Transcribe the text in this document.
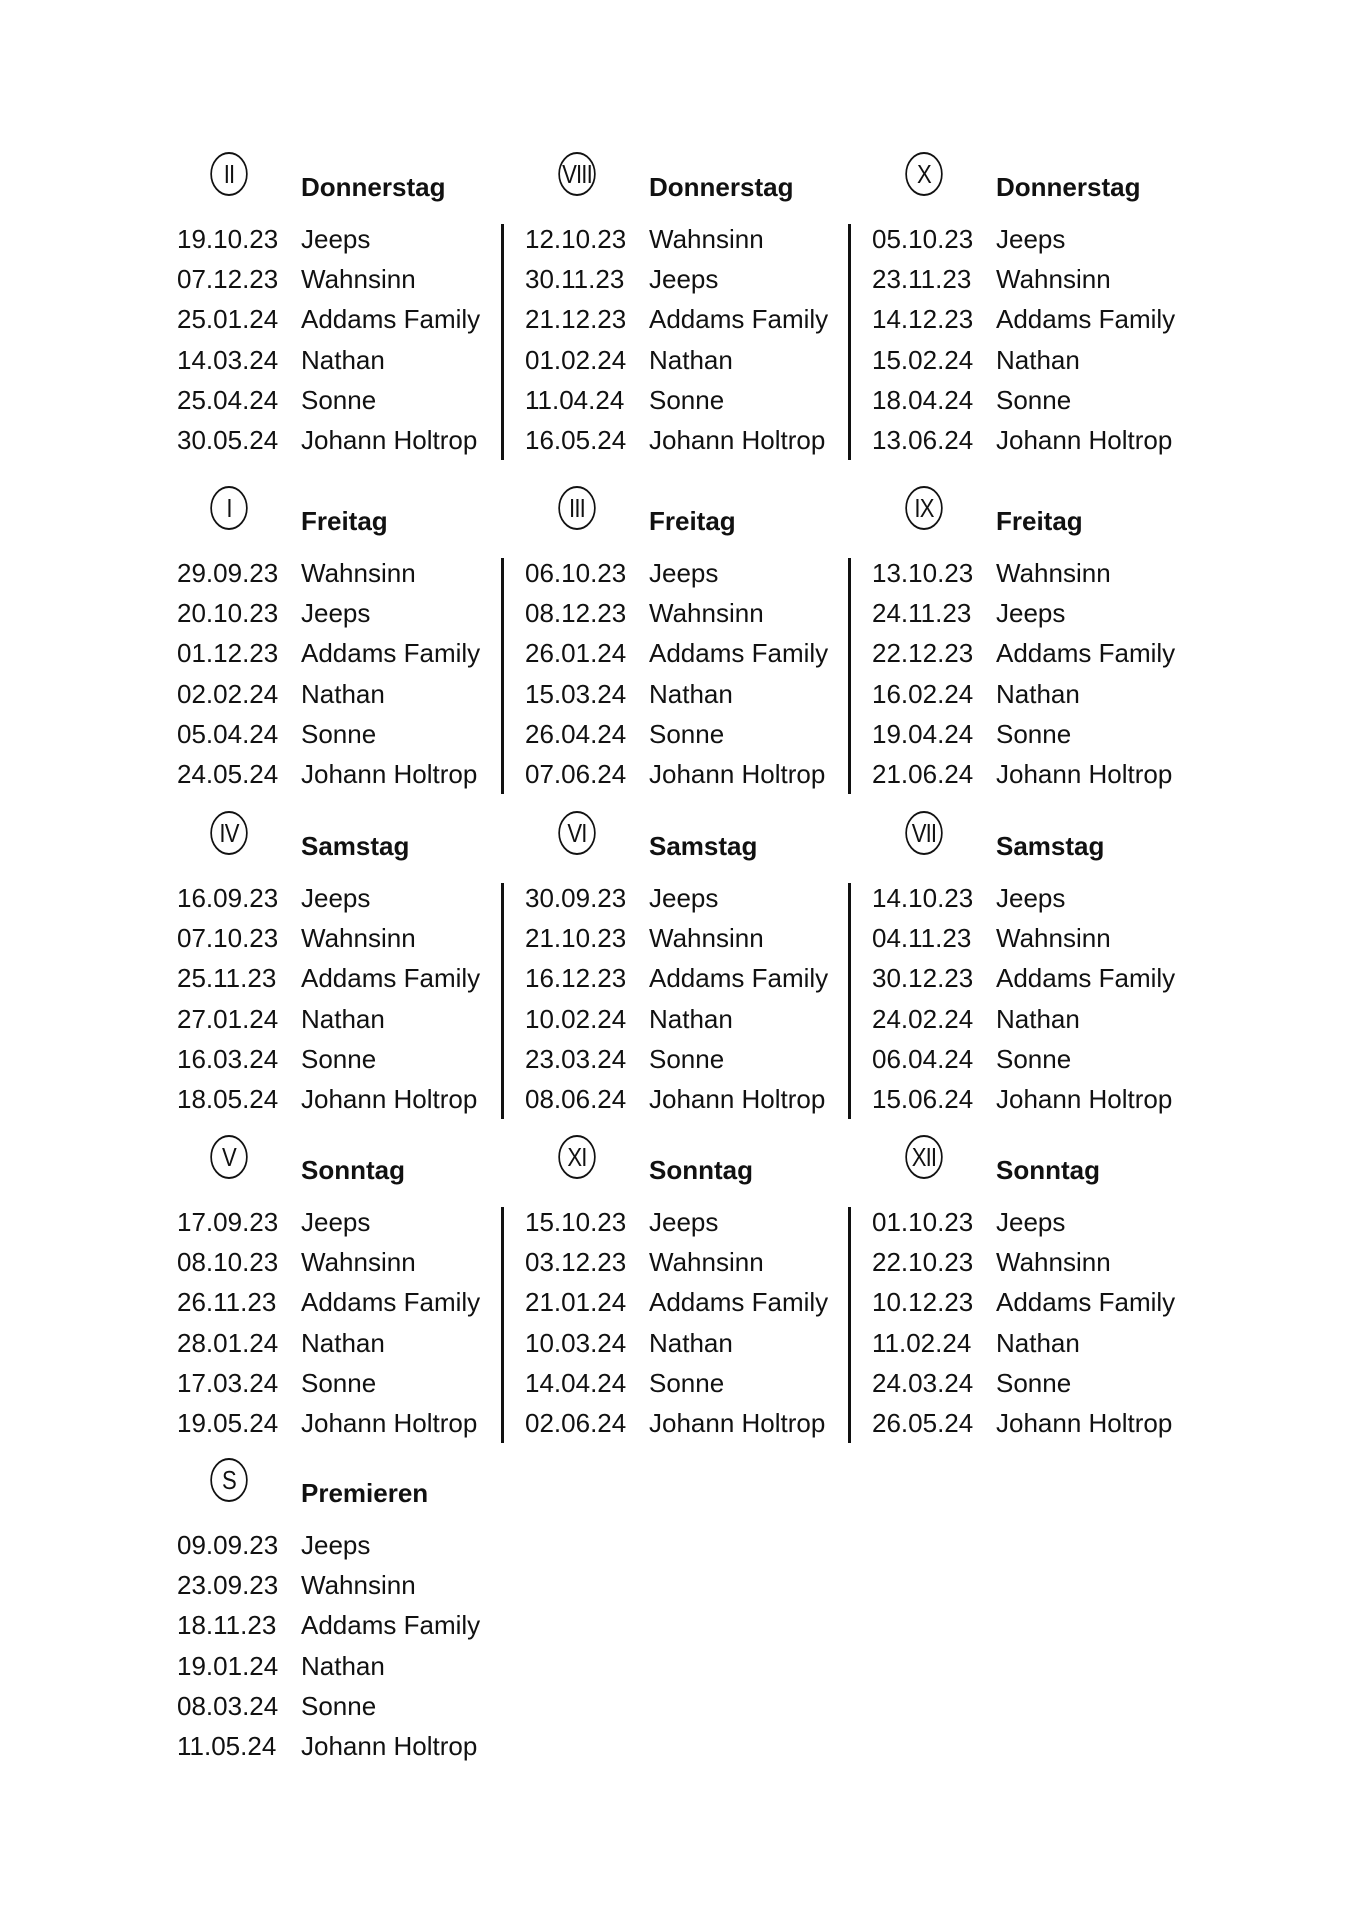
II	Donnerstag
19.10.23 Jeeps
07.12.23 Wahnsinn
25.01.24 Addams Family
14.03.24 Nathan
25.04.24 Sonne
30.05.24 Johann Holtrop
VIII Donnerstag
12.10.23 Wahnsinn
30.11.23 Jeeps
21.12.23 Addams Family
01.02.24 Nathan
11.04.24 Sonne
16.05.24 Johann Holtrop
X	Donnerstag
05.10.23 Jeeps
23.11.23 Wahnsinn
14.12.23 Addams Family
15.02.24 Nathan
18.04.24 Sonne
13.06.24 Johann Holtrop
I	Freitag
29.09.23 Wahnsinn
20.10.23 Jeeps
01.12.23 Addams Family
02.02.24 Nathan
05.04.24 Sonne
24.05.24 Johann Holtrop
III	Freitag
06.10.23 Jeeps
08.12.23 Wahnsinn
26.01.24 Addams Family
15.03.24 Nathan
26.04.24 Sonne
07.06.24 Johann Holtrop
IX	Freitag
13.10.23 Wahnsinn
24.11.23 Jeeps
22.12.23 Addams Family
16.02.24 Nathan
19.04.24 Sonne
21.06.24 Johann Holtrop
IV	Samstag
16.09.23 Jeeps
07.10.23 Wahnsinn
25.11.23 Addams Family
27.01.24 Nathan
16.03.24 Sonne
18.05.24 Johann Holtrop
VI	Samstag
30.09.23 Jeeps
21.10.23 Wahnsinn
16.12.23 Addams Family
10.02.24 Nathan
23.03.24 Sonne
08.06.24 Johann Holtrop
VII Samstag
14.10.23 Jeeps
04.11.23 Wahnsinn
30.12.23 Addams Family
24.02.24 Nathan
06.04.24 Sonne
15.06.24 Johann Holtrop
V	Sonntag
17.09.23 Jeeps
08.10.23 Wahnsinn
26.11.23 Addams Family
28.01.24 Nathan
17.03.24 Sonne
19.05.24 Johann Holtrop
XI	Sonntag
15.10.23 Jeeps
03.12.23 Wahnsinn
21.01.24 Addams Family
10.03.24 Nathan
14.04.24 Sonne
02.06.24 Johann Holtrop
XII Sonntag
01.10.23 Jeeps
22.10.23 Wahnsinn
10.12.23 Addams Family
11.02.24 Nathan
24.03.24 Sonne
26.05.24 Johann Holtrop
S	Premieren
09.09.23 Jeeps
23.09.23 Wahnsinn
18.11.23 Addams Family
19.01.24 Nathan
08.03.24 Sonne
11.05.24 Johann Holtrop
